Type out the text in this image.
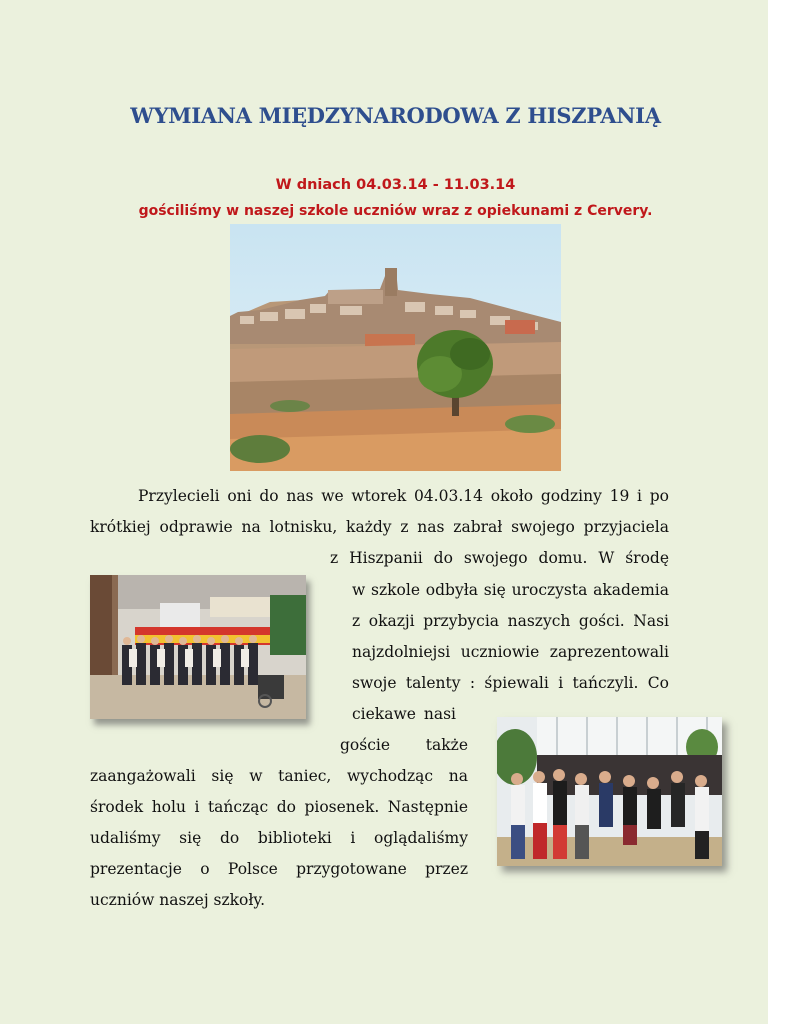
WYMIANA MIĘDZYNARODOWA Z HISZPANIĄ
W dniach 04.03.14 - 11.03.14
gościliśmy w naszej szkole uczniów wraz z opiekunami z Cervery.
Przylecieli oni do nas we wtorek 04.03.14 około godziny 19 i po
krótkiej odprawie na lotnisku, każdy z nas zabrał swojego przyjaciela
z Hiszpanii do swojego domu. W środę
w szkole odbyła się uroczysta akademia
z okazji przybycia naszych gości. Nasi
najzdolniejsi uczniowie zaprezentowali
swoje talenty : śpiewali i tańczyli. Co
ciekawe nasi
goście także
zaangażowali się w taniec, wychodząc na
środek holu i tańcząc do piosenek. Następnie
udaliśmy się do biblioteki i oglądaliśmy
prezentacje o Polsce przygotowane przez
uczniów naszej szkoły.
